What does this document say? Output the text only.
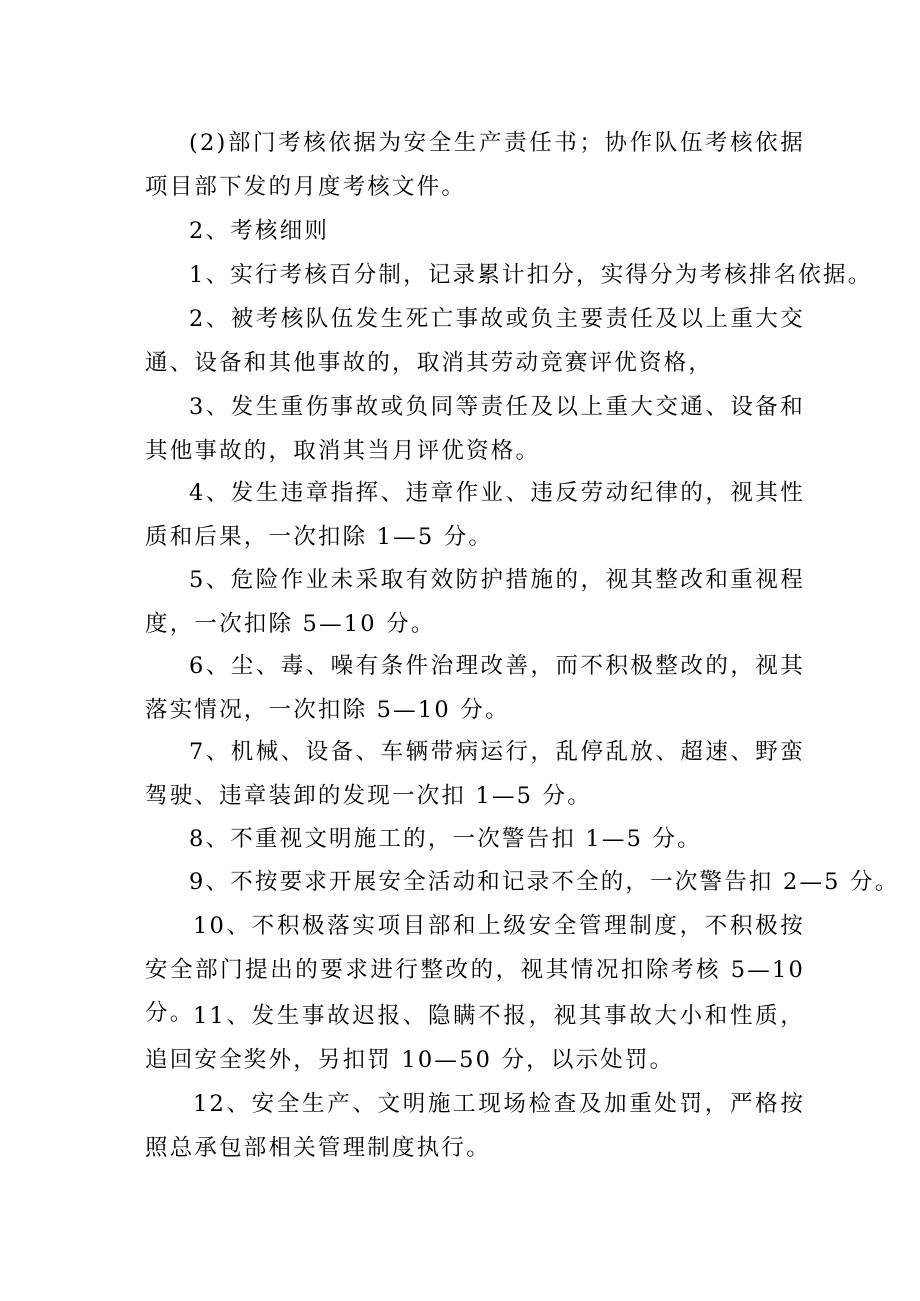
(2)部门考核依据为安全生产责任书；协作队伍考核依据项目部下发的月度考核文件。

2、考核细则

1、实行考核百分制，记录累计扣分，实得分为考核排名依据。

2、被考核队伍发生死亡事故或负主要责任及以上重大交通、设备和其他事故的，取消其劳动竞赛评优资格，

3、发生重伤事故或负同等责任及以上重大交通、设备和其他事故的，取消其当月评优资格。

4、发生违章指挥、违章作业、违反劳动纪律的，视其性质和后果，一次扣除 1—5 分。

5、危险作业未采取有效防护措施的，视其整改和重视程度，一次扣除 5—10 分。

6、尘、毒、噪有条件治理改善，而不积极整改的，视其落实情况，一次扣除 5—10 分。

7、机械、设备、车辆带病运行，乱停乱放、超速、野蛮驾驶、违章装卸的发现一次扣 1—5 分。

8、不重视文明施工的，一次警告扣 1—5 分。

9、不按要求开展安全活动和记录不全的，一次警告扣 2—5 分。

10、不积极落实项目部和上级安全管理制度，不积极按安全部门提出的要求进行整改的，视其情况扣除考核 5—10 分。

11、发生事故迟报、隐瞒不报，视其事故大小和性质，追回安全奖外，另扣罚 10—50 分，以示处罚。

12、安全生产、文明施工现场检查及加重处罚，严格按照总承包部相关管理制度执行。
